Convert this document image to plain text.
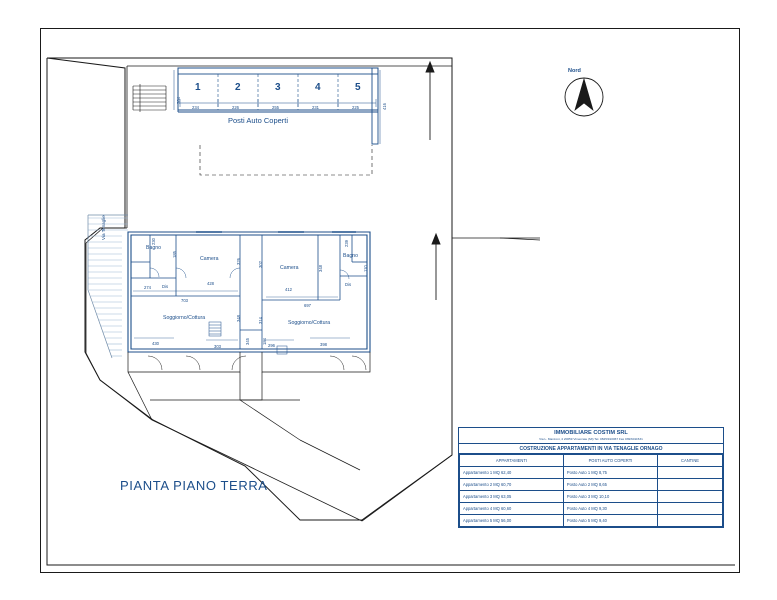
1	2	3	4	5
234	226	255	231	225
384
416
Posti Auto Coperti
Nord
Via Tenaglie
Bagno
Camera
Camera
Bagno
Dis	Dis
Soggiorno/Cottura
Soggiorno/Cottura
274
428
703
412
697
430
303	296	398
230
185
326	302
348
239
110
348	314
345	184
PIANTA PIANO TERRA
IMMOBILIARE COSTIM SRL
Via L. Manzoni, 4 20059 Vimercate (MI) Tel. 0825/910067 Fax 039/6011531
COSTRUZIONE APPARTAMENTI IN VIA TENAGLIE ORNAGO
APPARTAMENTI	POSTI AUTO COPERTI	CANTINE
Appartamento 1 MQ 62,40	Posto Auto 1 MQ 8,75	
Appartamento 2 MQ 60,70	Posto Auto 2 MQ 8,65	
Appartamento 3 MQ 63,05	Posto Auto 3 MQ 10,10	
Appartamento 4 MQ 60,60	Posto Auto 4 MQ 9,30	
Appartamento 5 MQ 56,00	Posto Auto 5 MQ 9,40	
